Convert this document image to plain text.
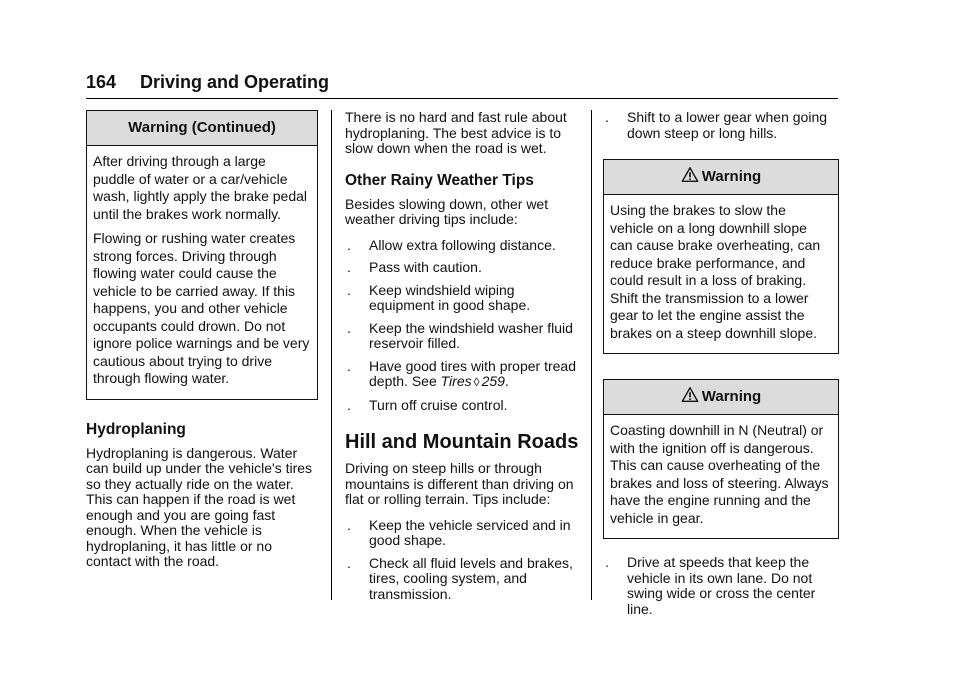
164 Driving and Operating
Warning (Continued)

After driving through a large puddle of water or a car/vehicle wash, lightly apply the brake pedal until the brakes work normally.

Flowing or rushing water creates strong forces. Driving through flowing water could cause the vehicle to be carried away. If this happens, you and other vehicle occupants could drown. Do not ignore police warnings and be very cautious about trying to drive through flowing water.

Hydroplaning

Hydroplaning is dangerous. Water can build up under the vehicle's tires so they actually ride on the water. This can happen if the road is wet enough and you are going fast enough. When the vehicle is hydroplaning, it has little or no contact with the road.

There is no hard and fast rule about hydroplaning. The best advice is to slow down when the road is wet.

Other Rainy Weather Tips

Besides slowing down, other wet weather driving tips include:

. Allow extra following distance.
. Pass with caution.
. Keep windshield wiping equipment in good shape.
. Keep the windshield washer fluid reservoir filled.
. Have good tires with proper tread depth. See Tires ◊ 259.
. Turn off cruise control.
Hill and Mountain Roads

Driving on steep hills or through mountains is different than driving on flat or rolling terrain. Tips include:

. Keep the vehicle serviced and in good shape.
. Check all fluid levels and brakes, tires, cooling system, and transmission.
. Shift to a lower gear when going down steep or long hills.
Warning

Using the brakes to slow the vehicle on a long downhill slope can cause brake overheating, can reduce brake performance, and could result in a loss of braking. Shift the transmission to a lower gear to let the engine assist the brakes on a steep downhill slope.

Warning

Coasting downhill in N (Neutral) or with the ignition off is dangerous. This can cause overheating of the brakes and loss of steering. Always have the engine running and the vehicle in gear.

. Drive at speeds that keep the vehicle in its own lane. Do not swing wide or cross the center line.
